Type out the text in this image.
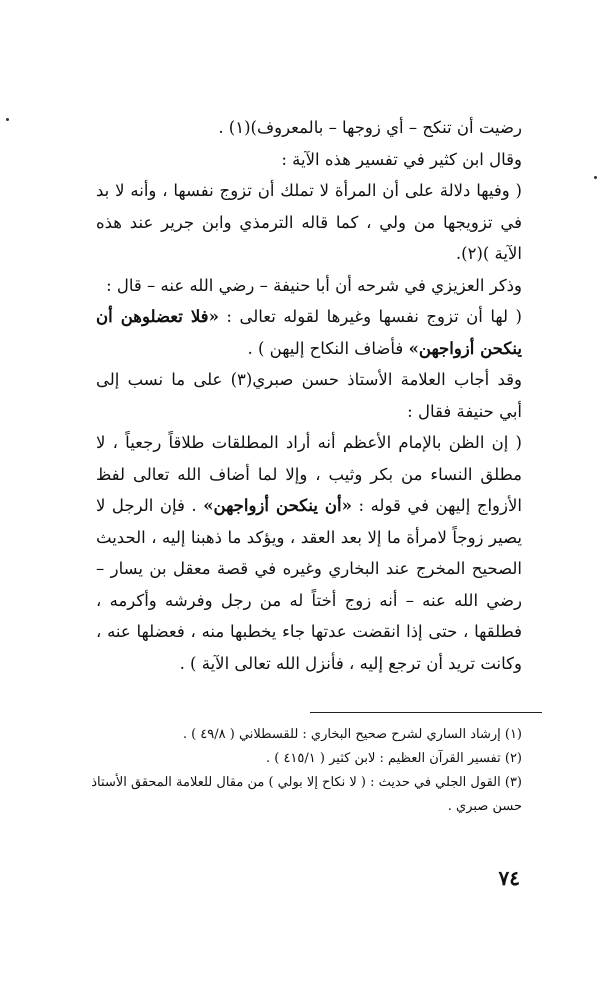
رضيت أن تنكح – أي زوجها – بالمعروف)(١) .

وقال ابن كثير في تفسير هذه الآية :

( وفيها دلالة على أن المرأة لا تملك أن تزوج نفسها ، وأنه لا بد في تزويجها من ولي ، كما قاله الترمذي وابن جرير عند هذه الآية )(٢).

وذكر العزيزي في شرحه أن أبا حنيفة – رضي الله عنه – قال :

( لها أن تزوج نفسها وغيرها لقوله تعالى : «فلا تعضلوهن أن ينكحن أزواجهن» فأضاف النكاح إليهن ) .

وقد أجاب العلامة الأستاذ حسن صبري(٣) على ما نسب إلى أبي حنيفة فقال :

( إن الظن بالإمام الأعظم أنه أراد المطلقات طلاقاً رجعياً ، لا مطلق النساء من بكر وثيب ، وإلا لما أضاف الله تعالى لفظ الأزواج إليهن في قوله : «أن ينكحن أزواجهن» . فإن الرجل لا يصير زوجاً لامرأة ما إلا بعد العقد ، ويؤكد ما ذهبنا إليه ، الحديث الصحيح المخرج عند البخاري وغيره في قصة معقل بن يسار – رضي الله عنه – أنه زوج أختاً له من رجل وفرشه وأكرمه ، فطلقها ، حتى إذا انقضت عدتها جاء يخطبها منه ، فعضلها عنه ، وكانت تريد أن ترجع إليه ، فأنزل الله تعالى الآية ) .

(١) إرشاد الساري لشرح صحيح البخاري : للقسطلاني ( ٤٩/٨ ) .

(٢) تفسير القرآن العظيم : لابن كثير ( ٤١٥/١ ) .

(٣) القول الجلي في حديث : ( لا نكاح إلا بولي ) من مقال للعلامة المحقق الأستاذ حسن صبري .

٧٤
